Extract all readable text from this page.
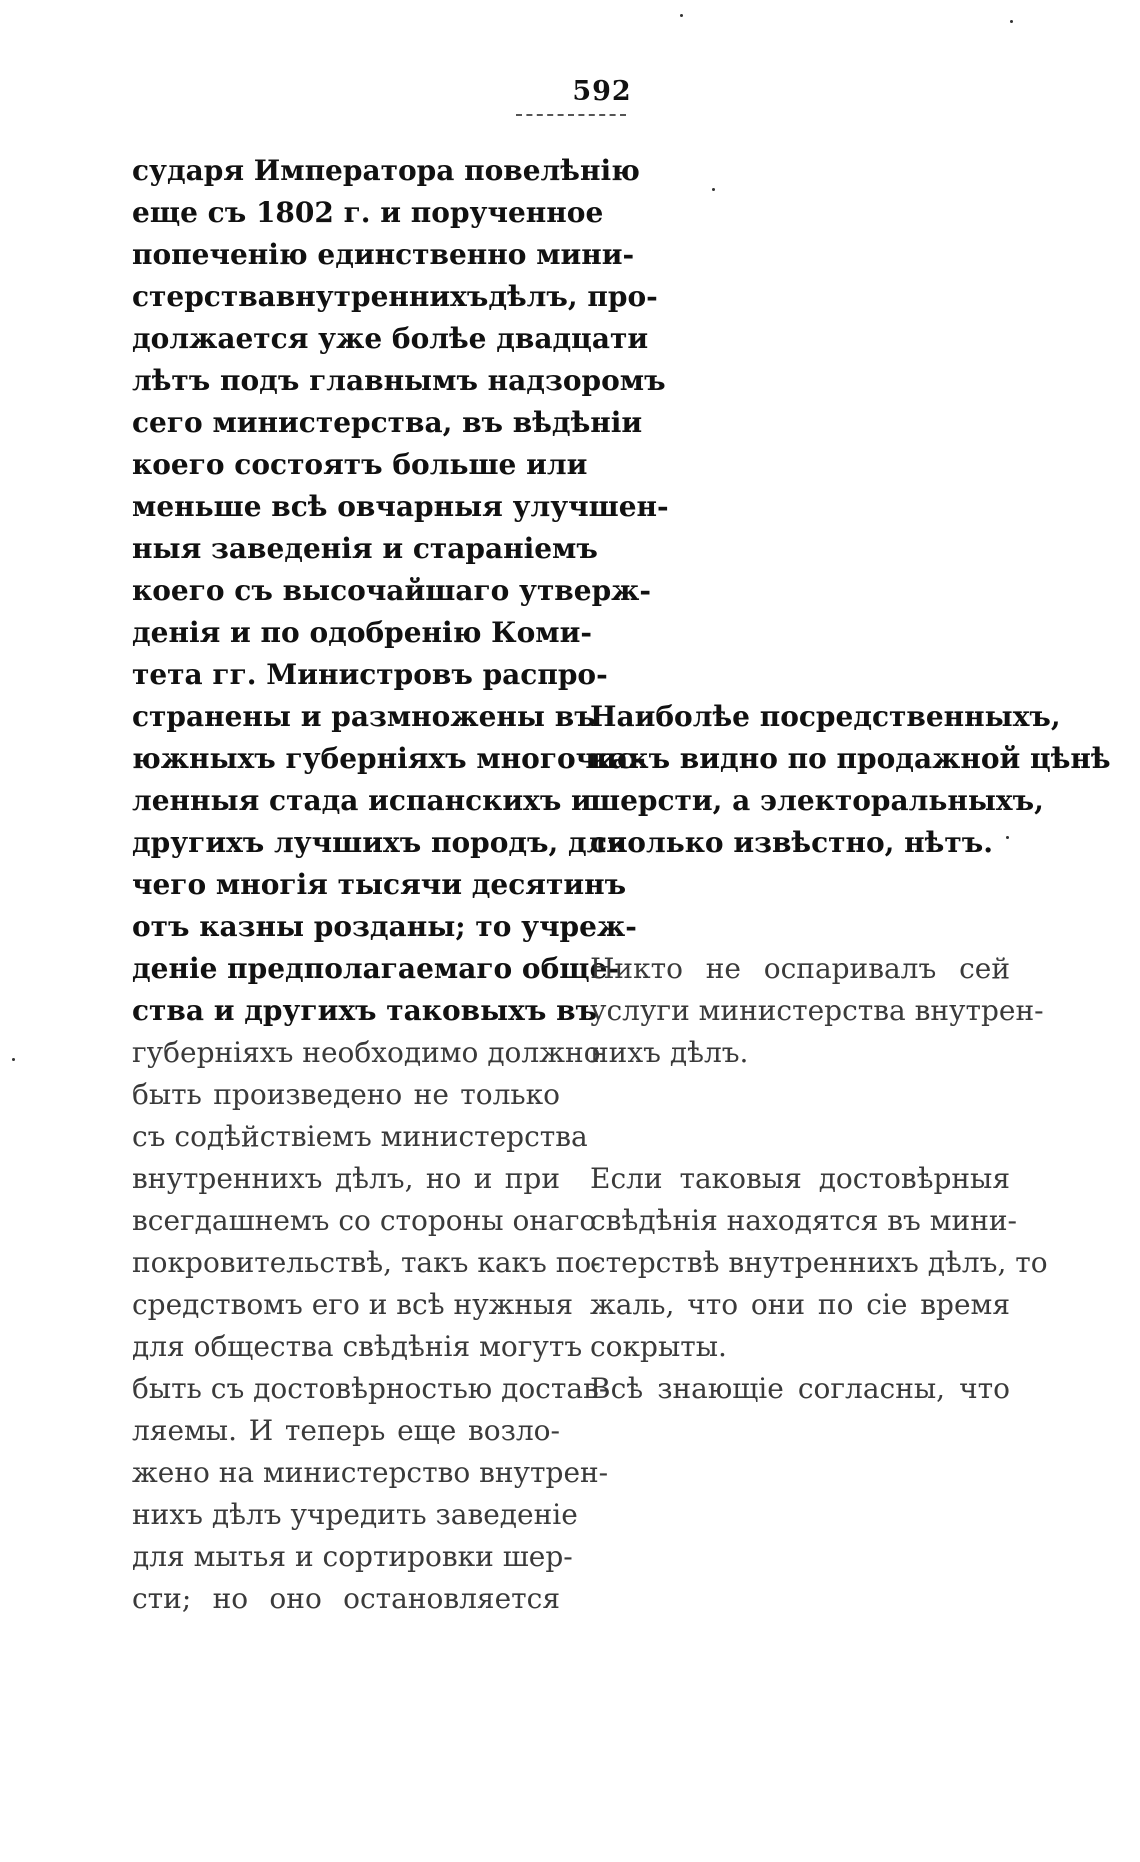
592
сударя Императора повелѣнію
еще съ 1802 г. и порученное
попеченію единственно мини-
стерствавнутреннихъдѣлъ, про-
должается уже болѣе двадцати
лѣтъ подъ главнымъ надзоромъ
сего министерства, въ вѣдѣніи
коего состоятъ больше или
меньше всѣ овчарныя улучшен-
ныя заведенія и стараніемъ
коего съ высочайшаго утверж-
денія и по одобренію Коми-
тета гг. Министровъ распро-
странены и размножены въ
южныхъ губерніяхъ многочис-
ленныя стада испанскихъ и
другихъ лучшихъ породъ, для
чего многія тысячи десятинъ
отъ казны розданы; то учреж-
деніе предполагаемаго обще-
ства и другихъ таковыхъ въ
губерніяхъ необходимо должно
быть произведено не только
съ содѣйствіемъ министерства
внутреннихъ дѣлъ, но и при
всегдашнемъ со стороны онаго
покровительствѣ, такъ какъ по-
средствомъ его и всѣ нужныя
для общества свѣдѣнія могутъ
быть съ достовѣрностью достав-
ляемы. И теперь еще возло-
жено на министерство внутрен-
нихъ дѣлъ учредить заведеніе
для мытья и сортировки шер-
сти; но оно остановляется
Наиболѣе посредственныхъ,
какъ видно по продажной цѣнѣ
шерсти, а электоральныхъ,
сколько извѣстно, нѣтъ.
Никто не оспаривалъ сей
услуги министерства внутрен-
нихъ дѣлъ.
Если таковыя достовѣрныя
свѣдѣнія находятся въ мини-
стерствѣ внутреннихъ дѣлъ, то
жаль, что они по сіе время
сокрыты.
Всѣ знающіе согласны, что
